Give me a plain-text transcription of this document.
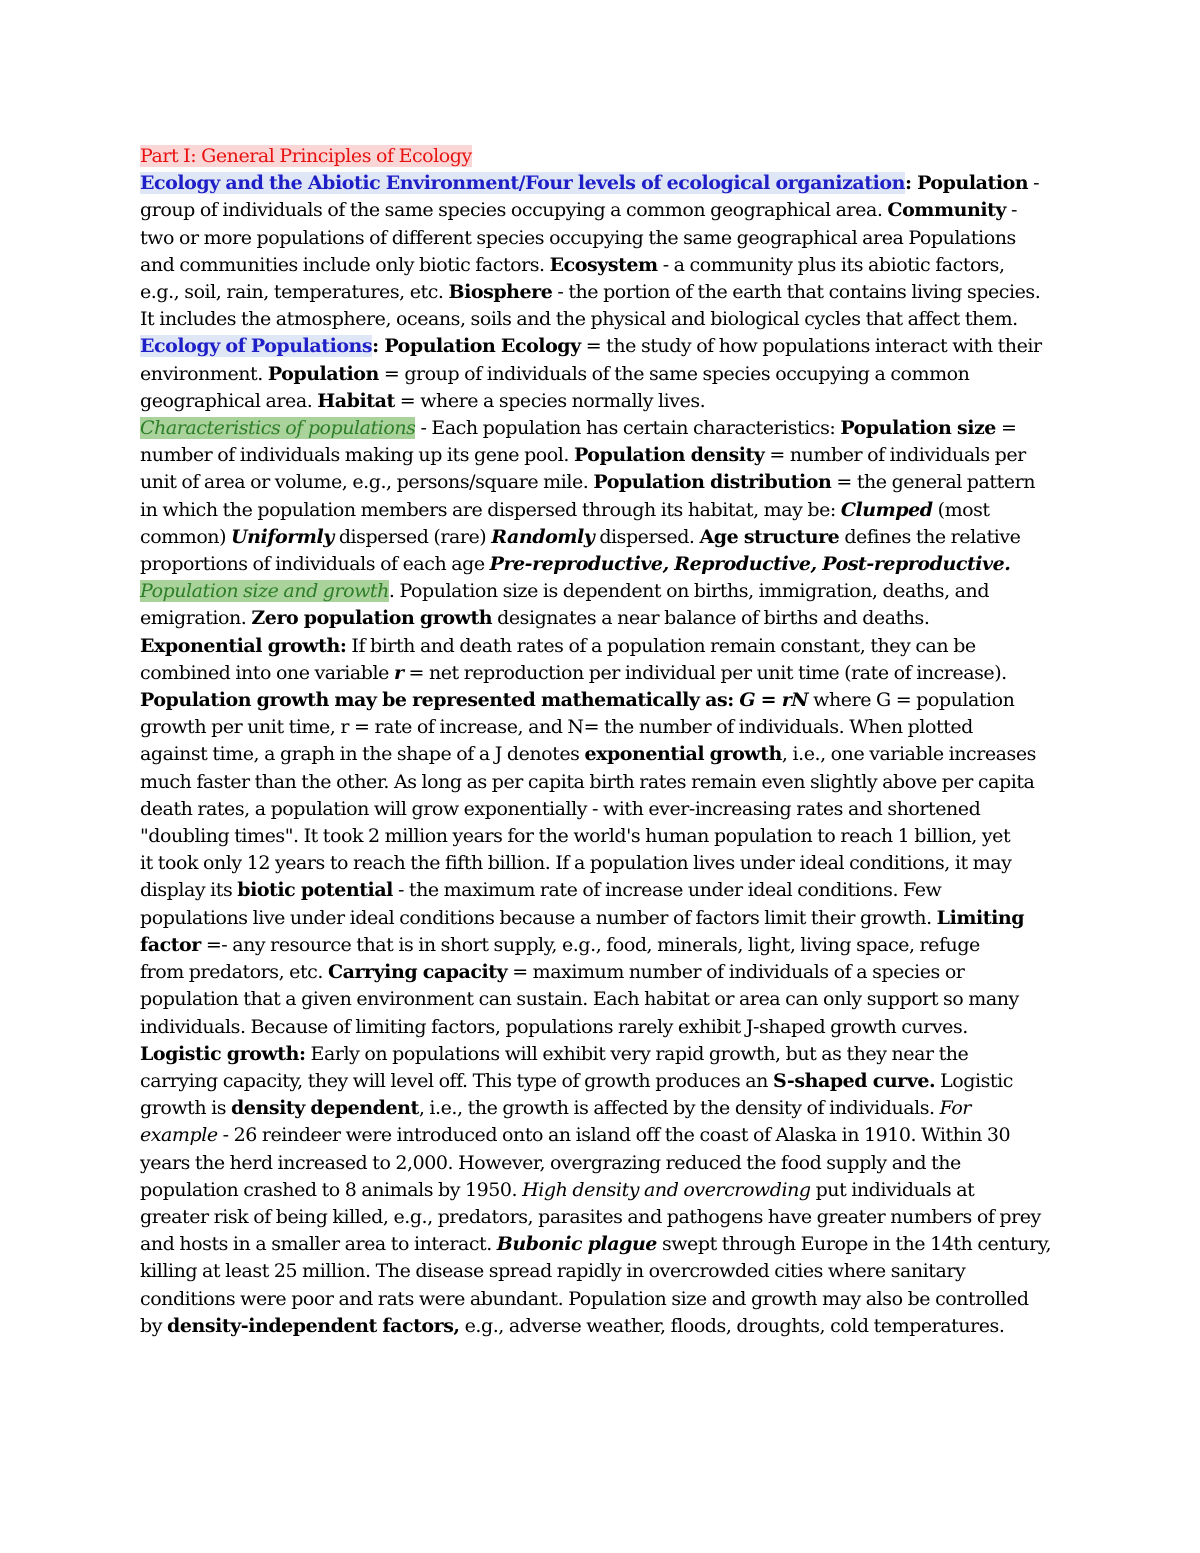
Part I: General Principles of Ecology
Ecology and the Abiotic Environment/Four levels of ecological organization: Population -
group of individuals of the same species occupying a common geographical area. Community -
two or more populations of different species occupying the same geographical area Populations
and communities include only biotic factors. Ecosystem - a community plus its abiotic factors,
e.g., soil, rain, temperatures, etc. Biosphere - the portion of the earth that contains living species.
It includes the atmosphere, oceans, soils and the physical and biological cycles that affect them.
Ecology of Populations: Population Ecology = the study of how populations interact with their
environment. Population = group of individuals of the same species occupying a common
geographical area. Habitat = where a species normally lives.
Characteristics of populations - Each population has certain characteristics: Population size =
number of individuals making up its gene pool. Population density = number of individuals per
unit of area or volume, e.g., persons/square mile. Population distribution = the general pattern
in which the population members are dispersed through its habitat, may be: Clumped (most
common) Uniformly dispersed (rare) Randomly dispersed. Age structure defines the relative
proportions of individuals of each age Pre-reproductive, Reproductive, Post-reproductive.
Population size and growth. Population size is dependent on births, immigration, deaths, and
emigration. Zero population growth designates a near balance of births and deaths.
Exponential growth: If birth and death rates of a population remain constant, they can be
combined into one variable r = net reproduction per individual per unit time (rate of increase).
Population growth may be represented mathematically as: G = rN where G = population
growth per unit time, r = rate of increase, and N= the number of individuals. When plotted
against time, a graph in the shape of a J denotes exponential growth, i.e., one variable increases
much faster than the other. As long as per capita birth rates remain even slightly above per capita
death rates, a population will grow exponentially - with ever-increasing rates and shortened
"doubling times". It took 2 million years for the world's human population to reach 1 billion, yet
it took only 12 years to reach the fifth billion. If a population lives under ideal conditions, it may
display its biotic potential - the maximum rate of increase under ideal conditions. Few
populations live under ideal conditions because a number of factors limit their growth. Limiting
factor =- any resource that is in short supply, e.g., food, minerals, light, living space, refuge
from predators, etc. Carrying capacity = maximum number of individuals of a species or
population that a given environment can sustain. Each habitat or area can only support so many
individuals. Because of limiting factors, populations rarely exhibit J-shaped growth curves.
Logistic growth: Early on populations will exhibit very rapid growth, but as they near the
carrying capacity, they will level off. This type of growth produces an S-shaped curve. Logistic
growth is density dependent, i.e., the growth is affected by the density of individuals. For
example - 26 reindeer were introduced onto an island off the coast of Alaska in 1910. Within 30
years the herd increased to 2,000. However, overgrazing reduced the food supply and the
population crashed to 8 animals by 1950. High density and overcrowding put individuals at
greater risk of being killed, e.g., predators, parasites and pathogens have greater numbers of prey
and hosts in a smaller area to interact. Bubonic plague swept through Europe in the 14th century,
killing at least 25 million. The disease spread rapidly in overcrowded cities where sanitary
conditions were poor and rats were abundant. Population size and growth may also be controlled
by density-independent factors, e.g., adverse weather, floods, droughts, cold temperatures.
